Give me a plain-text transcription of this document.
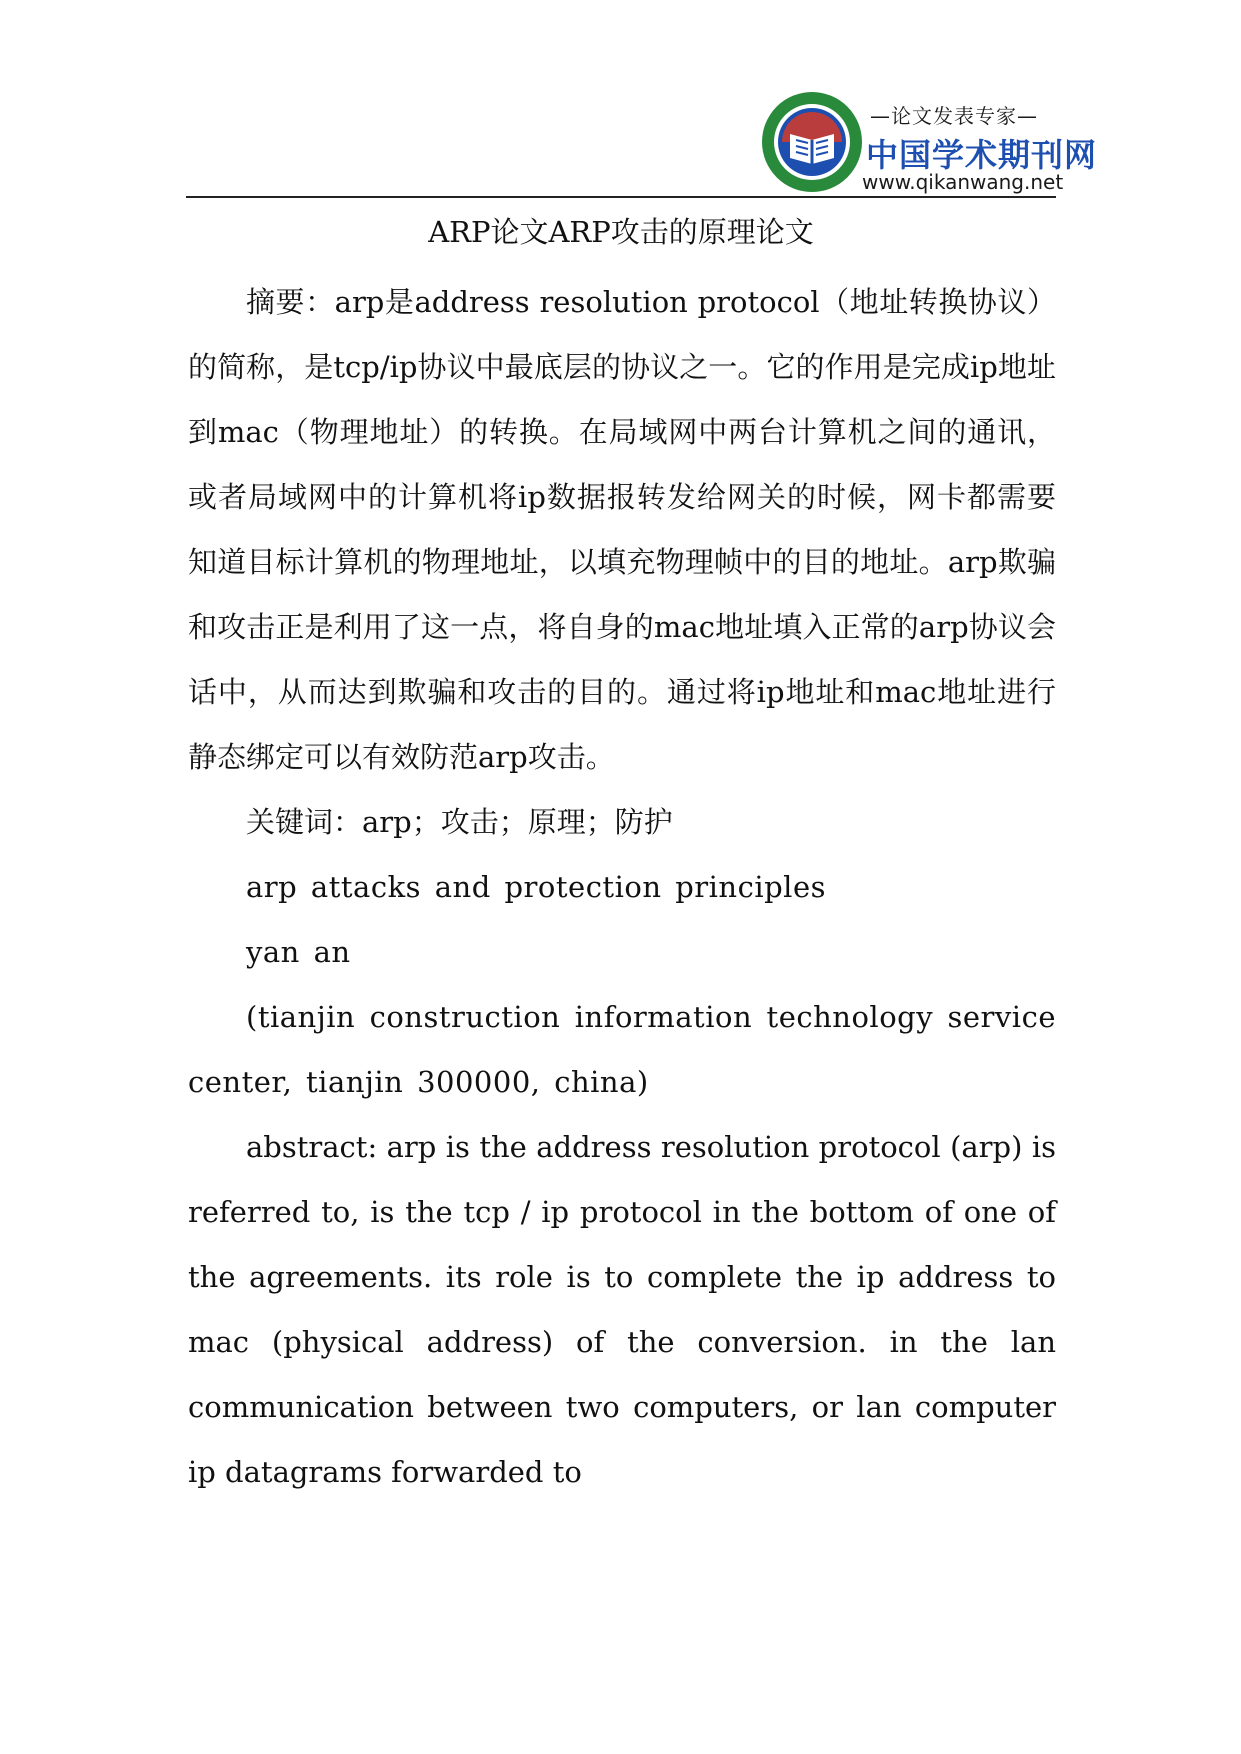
—论文发表专家—
中国学术期刊网
www.qikanwang.net
ARP论文ARP攻击的原理论文

摘要：arp是address resolution protocol（地址转换协议）的简称，是tcp/ip协议中最底层的协议之一。它的作用是完成ip地址到mac（物理地址）的转换。在局域网中两台计算机之间的通讯，或者局域网中的计算机将ip数据报转发给网关的时候，网卡都需要知道目标计算机的物理地址，以填充物理帧中的目的地址。arp欺骗和攻击正是利用了这一点，将自身的mac地址填入正常的arp协议会话中，从而达到欺骗和攻击的目的。通过将ip地址和mac地址进行静态绑定可以有效防范arp攻击。

关键词：arp；攻击；原理；防护

arp attacks and protection principles

yan an

(tianjin construction information technology service center, tianjin 300000, china)

abstract: arp is the address resolution protocol (arp) is referred to, is the tcp / ip protocol in the bottom of one of the agreements. its role is to complete the ip address to mac (physical address) of the conversion. in the lan communication between two computers, or lan computer ip datagrams forwarded to
